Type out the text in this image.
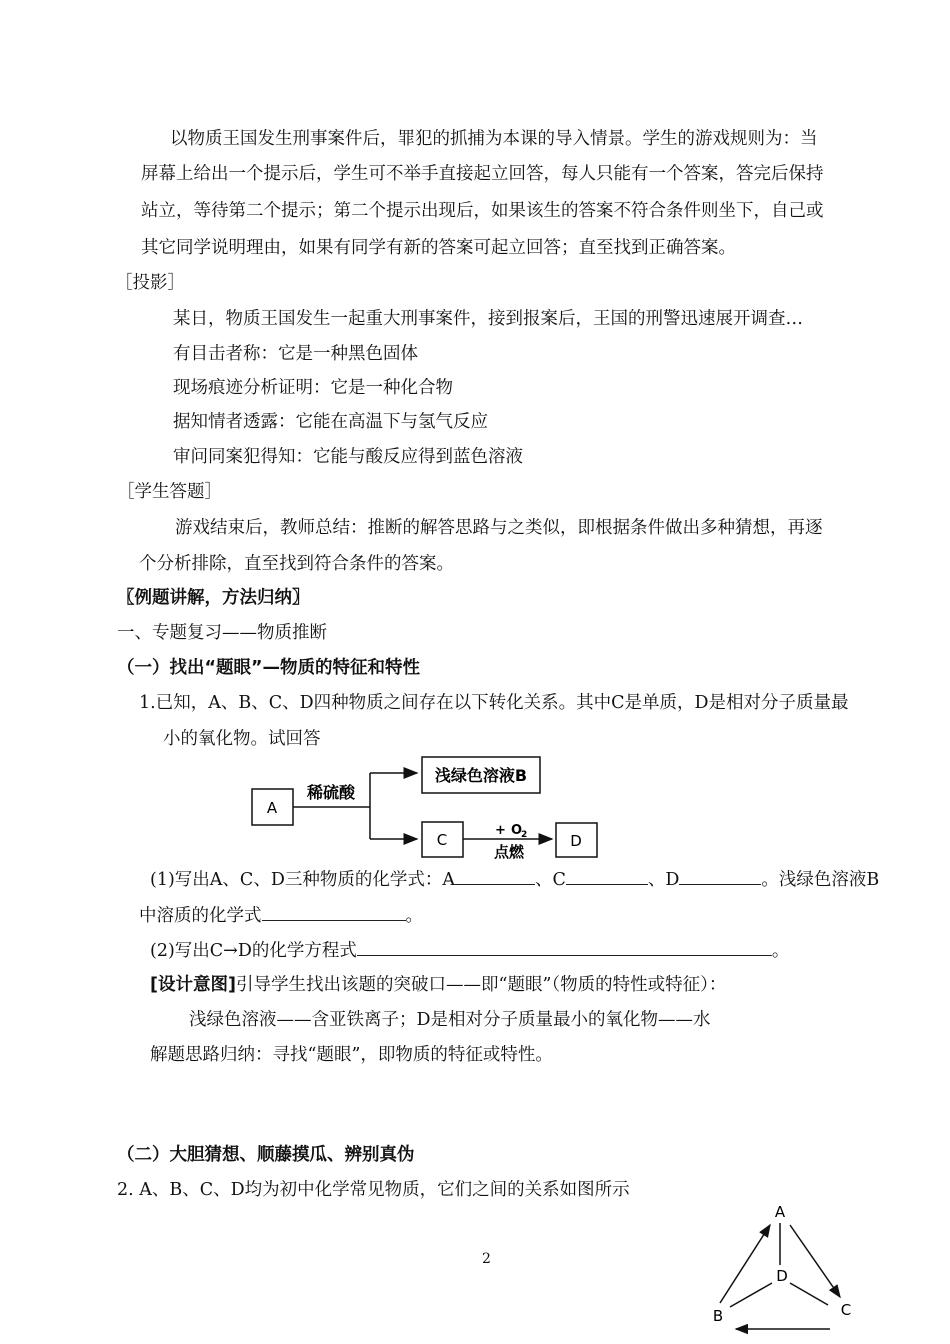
以物质王国发生刑事案件后，罪犯的抓捕为本课的导入情景。学生的游戏规则为：当
屏幕上给出一个提示后，学生可不举手直接起立回答，每人只能有一个答案，答完后保持
站立，等待第二个提示；第二个提示出现后，如果该生的答案不符合条件则坐下，自己或
其它同学说明理由，如果有同学有新的答案可起立回答；直至找到正确答案。
［投影］
某日，物质王国发生一起重大刑事案件，接到报案后，王国的刑警迅速展开调查…
有目击者称：它是一种黑色固体
现场痕迹分析证明：它是一种化合物
据知情者透露：它能在高温下与氢气反应
审问同案犯得知：它能与酸反应得到蓝色溶液
［学生答题］
游戏结束后，教师总结：推断的解答思路与之类似，即根据条件做出多种猜想，再逐
个分析排除，直至找到符合条件的答案。
〖例题讲解，方法归纳〗
一、专题复习——物质推断
（一）找出“题眼”—物质的特征和特性
1.已知，A、B、C、D四种物质之间存在以下转化关系。其中C是单质，D是相对分子质量最
小的氧化物。试回答
A
稀硫酸
浅绿色溶液B
C
+ O
2
点燃
D
(1)写出A、C、D三种物质的化学式：A	、C	、D	。浅绿色溶液B
中溶质的化学式	。
(2)写出C→D的化学方程式	。
[设计意图]引导学生找出该题的突破口——即“题眼”（物质的特性或特征）：
浅绿色溶液——含亚铁离子；D是相对分子质量最小的氧化物——水
解题思路归纳：寻找“题眼”，即物质的特征或特性。
（二）大胆猜想、顺藤摸瓜、辨别真伪
2. A、B、C、D均为初中化学常见物质，它们之间的关系如图所示
2
A
D
B	C
